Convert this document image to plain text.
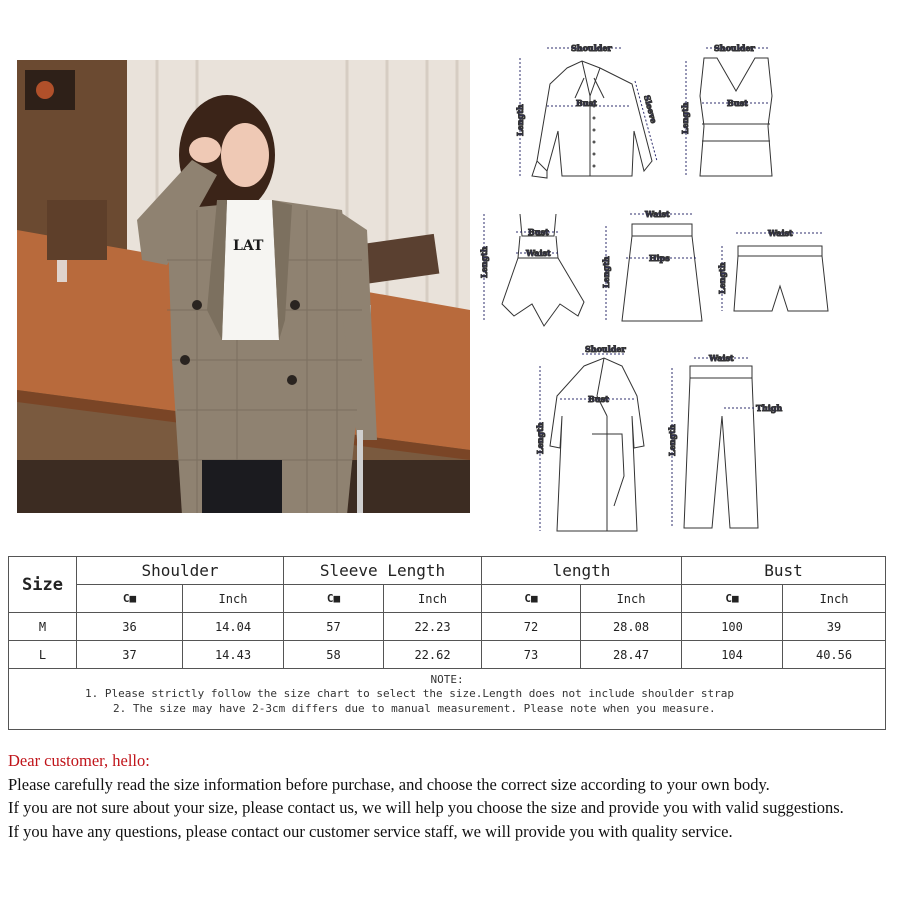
LAT
Shoulder
Bust
Length	Sleeve
Shoulder
Bust
Length
Bust
Waist
Length
Waist
Hips
Length
Waist
Length
Shoulder
Bust
Length
Waist
Thigh
Length
Size	Shoulder		Sleeve Length		length		Bust	
	C■	Inch	C■	Inch	C■	Inch	C■	Inch
M	36	14.04	57	22.23	72	28.08	100	39
L	37	14.43	58	22.62	73	28.47	104	40.56

NOTE:
1. Please strictly follow the size chart to select the size.Length does not include shoulder strap
2. The size may have 2-3cm differs due to manual measurement. Please note when you measure.								

Dear customer, hello:

Please carefully read the size information before purchase, and choose the correct size according to your own body.

If you are not sure about your size, please contact us, we will help you choose the size and provide you with valid suggestions.

If you have any questions, please contact our customer service staff, we will provide you with quality service.
